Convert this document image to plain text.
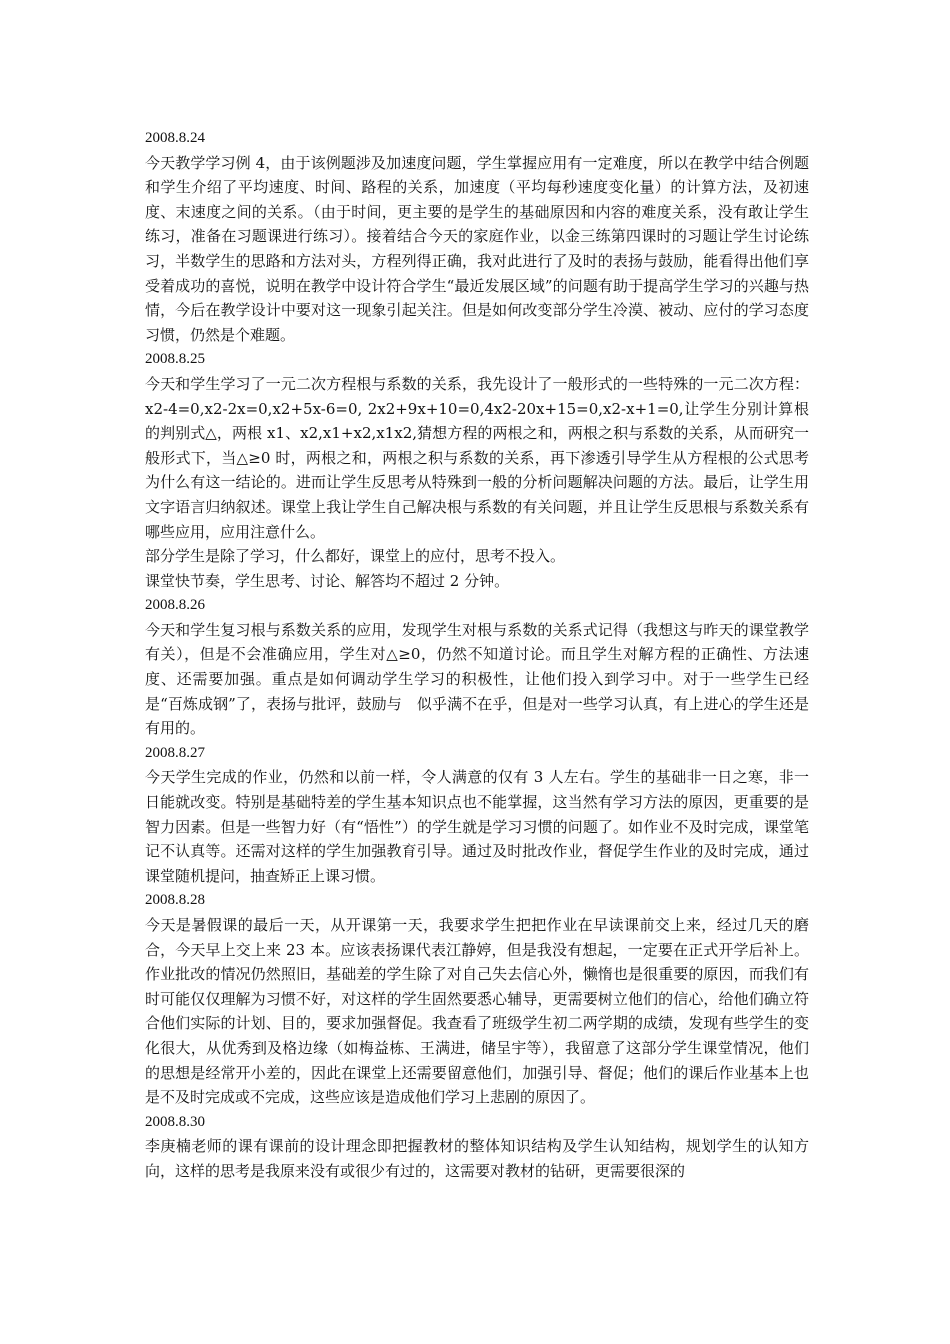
2008.8.24

今天教学学习例 4，由于该例题涉及加速度问题，学生掌握应用有一定难度，所以在教学中结合例题和学生介绍了平均速度、时间、路程的关系，加速度（平均每秒速度变化量）的计算方法，及初速度、末速度之间的关系。（由于时间，更主要的是学生的基础原因和内容的难度关系，没有敢让学生练习，准备在习题课进行练习）。接着结合今天的家庭作业，以金三练第四课时的习题让学生讨论练习，半数学生的思路和方法对头，方程列得正确，我对此进行了及时的表扬与鼓励，能看得出他们享受着成功的喜悦，说明在教学中设计符合学生“最近发展区域”的问题有助于提高学生学习的兴趣与热情，今后在教学设计中要对这一现象引起关注。但是如何改变部分学生冷漠、被动、应付的学习态度习惯，仍然是个难题。

2008.8.25

今天和学生学习了一元二次方程根与系数的关系，我先设计了一般形式的一些特殊的一元二次方程：x2-4=0,x2-2x=0,x2+5x-6=0, 2x2+9x+10=0,4x2-20x+15=0,x2-x+1=0,让学生分别计算根的判别式△，两根 x1、x2,x1+x2,x1x2,猜想方程的两根之和，两根之积与系数的关系，从而研究一般形式下，当△≥0 时，两根之和，两根之积与系数的关系，再下渗透引导学生从方程根的公式思考为什么有这一结论的。进而让学生反思考从特殊到一般的分析问题解决问题的方法。最后，让学生用文字语言归纳叙述。课堂上我让学生自己解决根与系数的有关问题，并且让学生反思根与系数关系有哪些应用，应用注意什么。

部分学生是除了学习，什么都好，课堂上的应付，思考不投入。

课堂快节奏，学生思考、讨论、解答均不超过 2 分钟。

2008.8.26

今天和学生复习根与系数关系的应用，发现学生对根与系数的关系式记得（我想这与昨天的课堂教学有关），但是不会准确应用，学生对△≥0，仍然不知道讨论。而且学生对解方程的正确性、方法速度、还需要加强。重点是如何调动学生学习的积极性，让他们投入到学习中。对于一些学生已经是“百炼成钢”了，表扬与批评，鼓励与　似乎满不在乎，但是对一些学习认真，有上进心的学生还是有用的。

2008.8.27

今天学生完成的作业，仍然和以前一样，令人满意的仅有 3 人左右。学生的基础非一日之寒，非一日能就改变。特别是基础特差的学生基本知识点也不能掌握，这当然有学习方法的原因，更重要的是智力因素。但是一些智力好（有“悟性”）的学生就是学习习惯的问题了。如作业不及时完成，课堂笔记不认真等。还需对这样的学生加强教育引导。通过及时批改作业，督促学生作业的及时完成，通过课堂随机提问，抽查矫正上课习惯。

2008.8.28

今天是暑假课的最后一天，从开课第一天，我要求学生把把作业在早读课前交上来，经过几天的磨合，今天早上交上来 23 本。应该表扬课代表江静婷，但是我没有想起，一定要在正式开学后补上。作业批改的情况仍然照旧，基础差的学生除了对自己失去信心外，懒惰也是很重要的原因，而我们有时可能仅仅理解为习惯不好，对这样的学生固然要悉心辅导，更需要树立他们的信心，给他们确立符合他们实际的计划、目的，要求加强督促。我查看了班级学生初二两学期的成绩，发现有些学生的变化很大，从优秀到及格边缘（如梅益栋、王满进，储呈宇等），我留意了这部分学生课堂情况，他们的思想是经常开小差的，因此在课堂上还需要留意他们，加强引导、督促；他们的课后作业基本上也是不及时完成或不完成，这些应该是造成他们学习上悲剧的原因了。

2008.8.30

李庚楠老师的课有课前的设计理念即把握教材的整体知识结构及学生认知结构，规划学生的认知方向，这样的思考是我原来没有或很少有过的，这需要对教材的钻研，更需要很深的
